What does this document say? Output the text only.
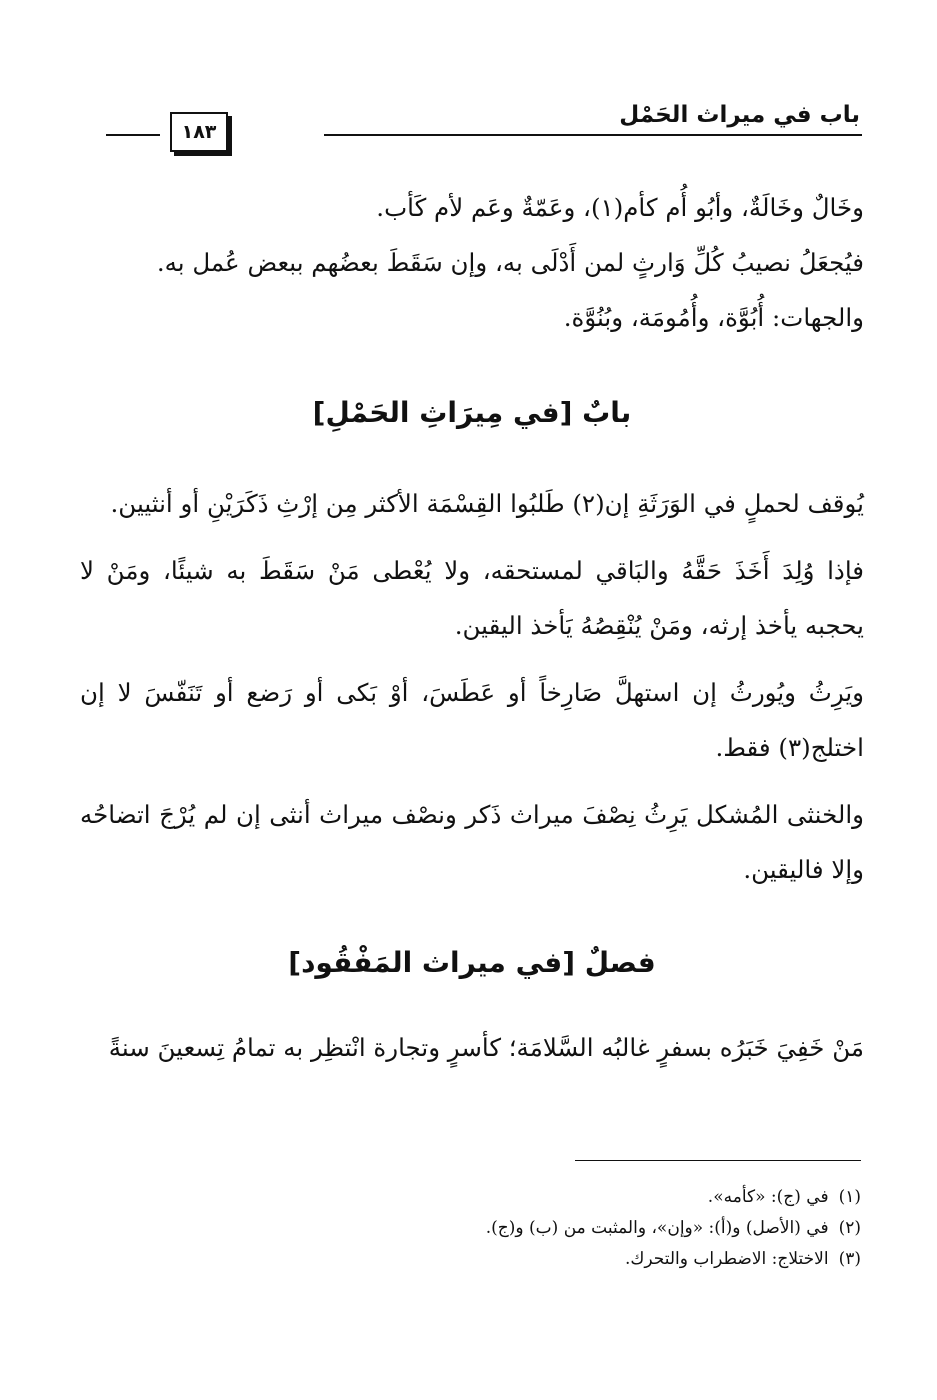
باب في ميراث الحَمْل
١٨٣
وخَالٌ وخَالَةٌ، وأبُو أُم كأم(١)، وعَمّةٌ وعَم لأم كَأب.
فيُجعَلُ نصيبُ كُلِّ وَارثٍ لمن أَدْلَى به، وإن سَقَطَ بعضُهم ببعض عُمل به.
والجهات: أُبُوَّة، وأُمُومَة، وبُنُوَّة.
بابٌ [في مِيرَاثِ الحَمْلِ]

يُوقف لحملٍ في الوَرَثَةِ إن(٢) طَلبُوا القِسْمَة الأكثر مِن إرْثِ ذَكَرَيْنِ أو أنثيين.

فإذا وُلِدَ أَخَذَ حَقَّهُ والبَاقي لمستحقه، ولا يُعْطى مَنْ سَقَطَ به شيئًا، ومَنْ لا يحجبه يأخذ إرثه، ومَنْ يُنْقِصُهُ يَأخذ اليقين.

ويَرِثُ ويُورثُ إن استهلَّ صَارِخاً أو عَطَسَ، أوْ بَكى أو رَضع أو تَنَفّسَ لا إن اختلج(٣) فقط.

والخنثى المُشكل يَرِثُ نِصْفَ ميراث ذَكر ونصْف ميراث أنثى إن لم يُرْجَ اتضاحُه وإلا فاليقين.

فصلٌ [في ميراث المَفْقُود]

مَنْ خَفِيَ خَبَرُه بسفرٍ غالبُه السَّلامَة؛ كأسرٍ وتجارة انْتظِر به تمامُ تِسعينَ سنةً

(١)في (ج): «كأمه».
(٢)في (الأصل) و(أ): «وإن»، والمثبت من (ب) و(ج).
(٣)الاختلاج: الاضطراب والتحرك.
